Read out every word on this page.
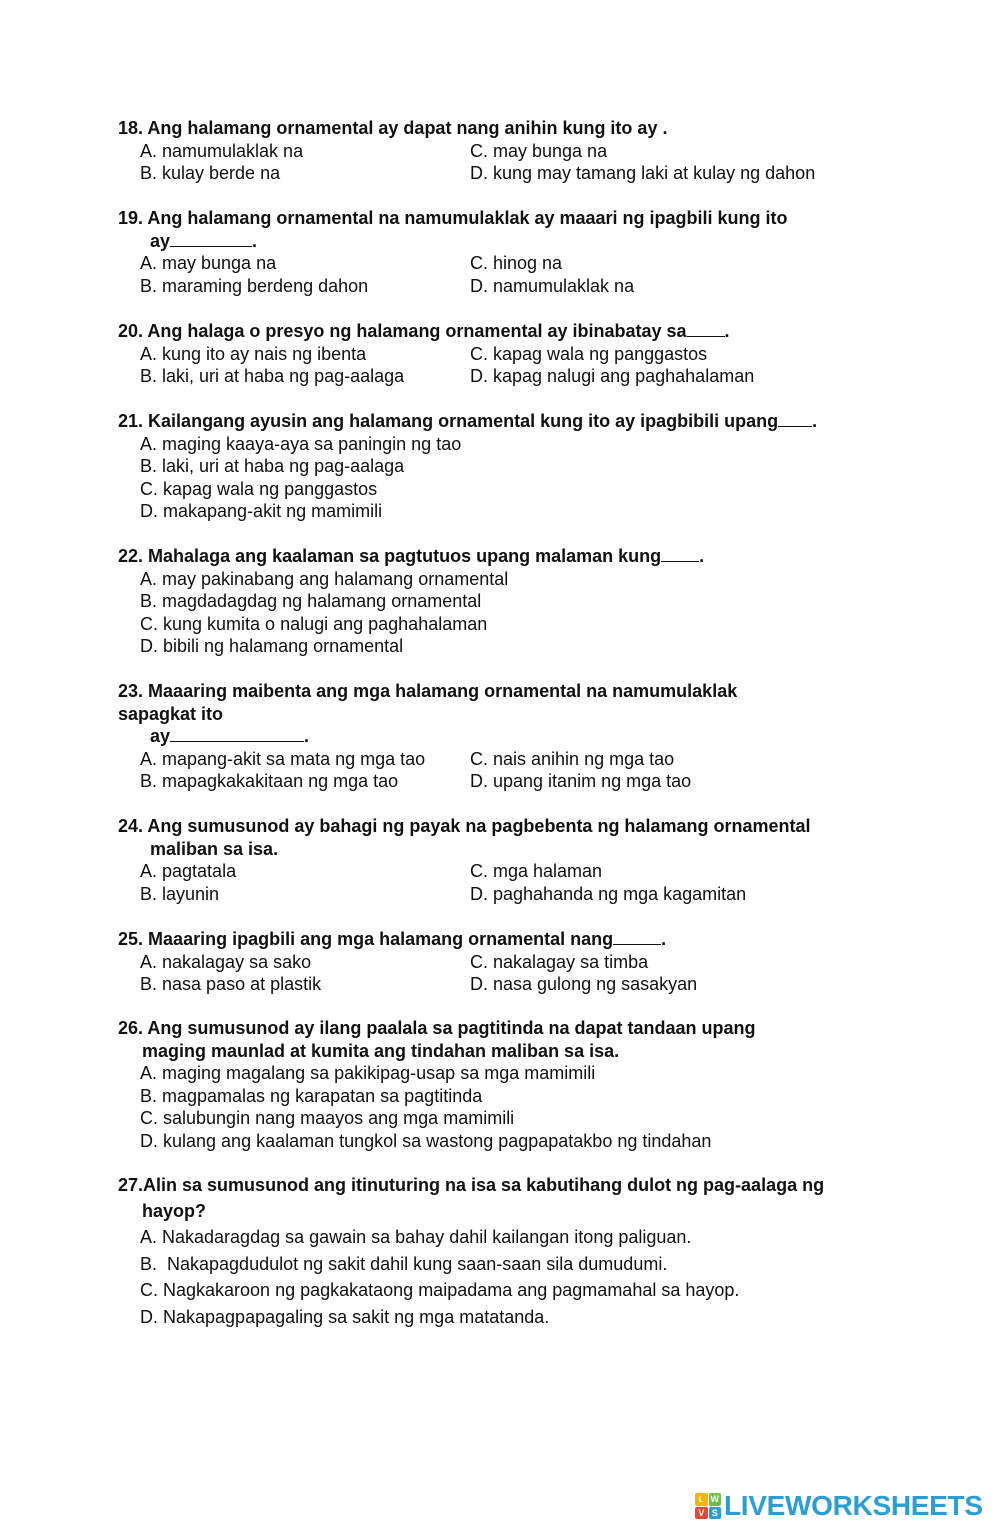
18. Ang halamang ornamental ay dapat nang anihin kung ito ay .
A. namumulaklak na	C. may bunga na
B. kulay berde na	D. kung may tamang laki at kulay ng dahon
19. Ang halamang ornamental na namumulaklak ay maaari ng ipagbili kung ito
ay	.
A. may bunga na	C. hinog na
B. maraming berdeng dahon	D. namumulaklak na
20. Ang halaga o presyo ng halamang ornamental ay ibinabatay sa .
A. kung ito ay nais ng ibenta	C. kapag wala ng panggastos
B. laki, uri at haba ng pag-aalaga	D. kapag nalugi ang paghahalaman
21. Kailangang ayusin ang halamang ornamental kung ito ay ipagbibili upang .
A. maging kaaya-aya sa paningin ng tao
B. laki, uri at haba ng pag-aalaga
C. kapag wala ng panggastos
D. makapang-akit ng mamimili
22. Mahalaga ang kaalaman sa pagtutuos upang malaman kung .
A. may pakinabang ang halamang ornamental
B. magdadagdag ng halamang ornamental
C. kung kumita o nalugi ang paghahalaman
D. bibili ng halamang ornamental
23. Maaaring maibenta ang mga halamang ornamental na namumulaklak
sapagkat ito
ay	.
A. mapang-akit sa mata ng mga tao	C. nais anihin ng mga tao
B. mapagkakakitaan ng mga tao	D. upang itanim ng mga tao
24. Ang sumusunod ay bahagi ng payak na pagbebenta ng halamang ornamental
maliban sa isa.
A. pagtatala	C. mga halaman
B. layunin	D. paghahanda ng mga kagamitan
25. Maaaring ipagbili ang mga halamang ornamental nang	.
A. nakalagay sa sako	C. nakalagay sa timba
B. nasa paso at plastik	D. nasa gulong ng sasakyan
26. Ang sumusunod ay ilang paalala sa pagtitinda na dapat tandaan upang
maging maunlad at kumita ang tindahan maliban sa isa.
A. maging magalang sa pakikipag-usap sa mga mamimili
B. magpamalas ng karapatan sa pagtitinda
C. salubungin nang maayos ang mga mamimili
D. kulang ang kaalaman tungkol sa wastong pagpapatakbo ng tindahan
27.Alin sa sumusunod ang itinuturing na isa sa kabutihang dulot ng pag-aalaga ng
hayop?
A. Nakadaragdag sa gawain sa bahay dahil kailangan itong paliguan.
B.  Nakapagdudulot ng sakit dahil kung saan-saan sila dumudumi.
C. Nagkakaroon ng pagkakataong maipadama ang pagmamahal sa hayop.
D. Nakapagpapagaling sa sakit ng mga matatanda.
L W
V S LIVEWORKSHEETS
